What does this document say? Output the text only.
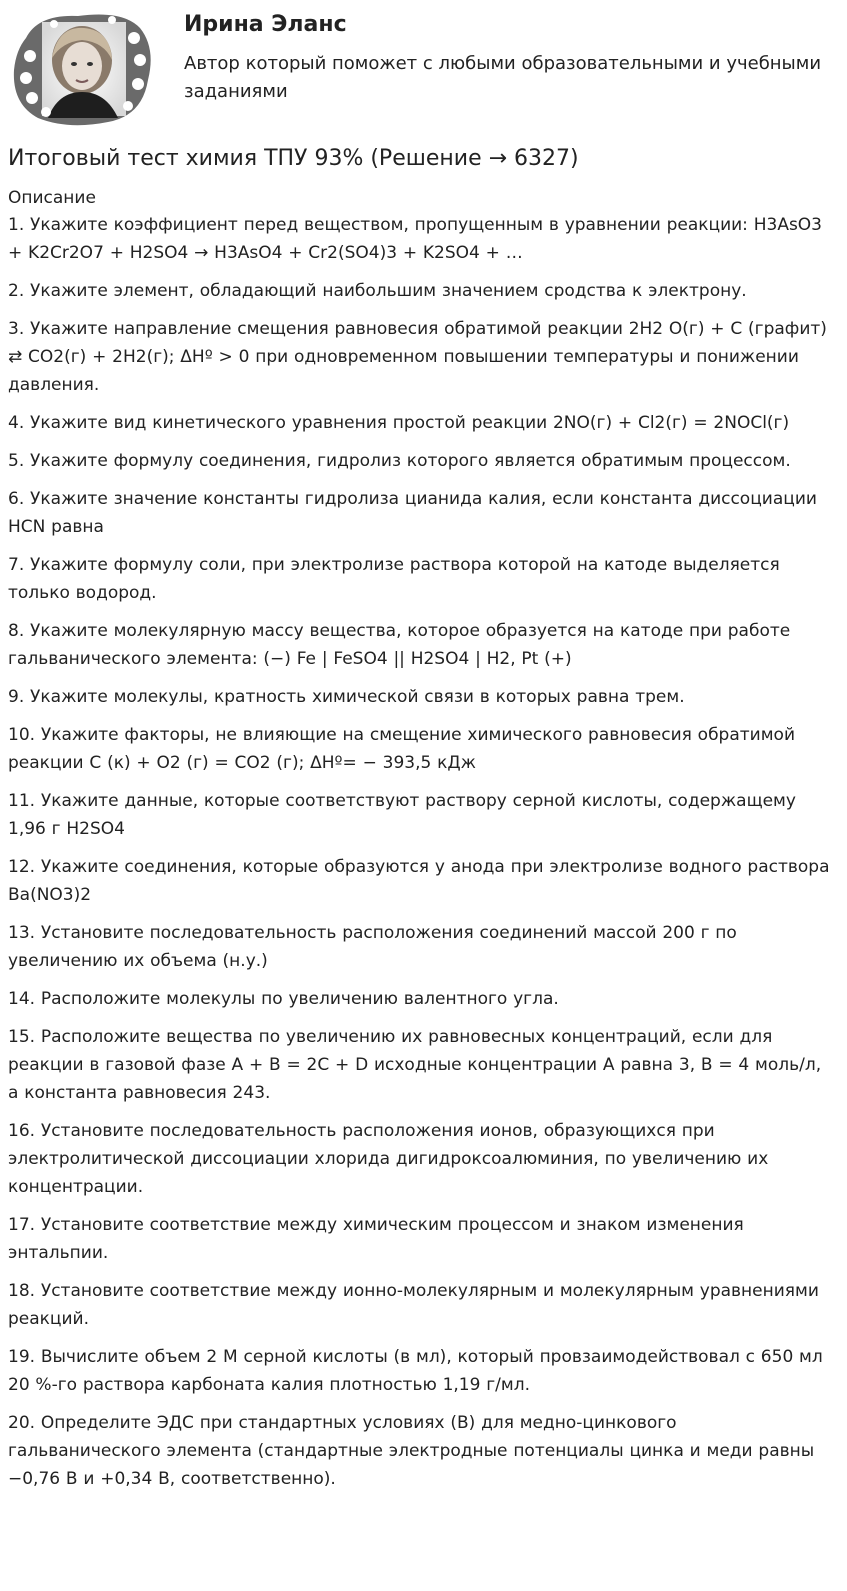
Ирина Эланс
Автор который поможет с любыми образовательными и учебными заданиями
Итоговый тест химия ТПУ 93% (Решение → 6327)
Описание
1. Укажите коэффициент перед веществом, пропущенным в уравнении реакции: H3AsO3 + K2Cr2O7 + H2SO4 → H3AsO4 + Cr2(SO4)3 + K2SO4 + …
2. Укажите элемент, обладающий наибольшим значением сродства к электрону.
3. Укажите направление смещения равновесия обратимой реакции 2H2 O(г) + C (графит) ⇄ CO2(г) + 2H2(г); ΔHº > 0 при одновременном повышении температуры и понижении давления.
4. Укажите вид кинетического уравнения простой реакции 2NO(г) + Cl2(г) = 2NOCl(г)
5. Укажите формулу соединения, гидролиз которого является обратимым процессом.
6. Укажите значение константы гидролиза цианида калия, если константа диссоциации HCN равна
7. Укажите формулу соли, при электролизе раствора которой на катоде выделяется только водород.
8. Укажите молекулярную массу вещества, которое образуется на катоде при работе гальванического элемента: (−) Fe | FeSO4 || H2SO4 | H2, Pt (+)
9. Укажите молекулы, кратность химической связи в которых равна трем.
10. Укажите факторы, не влияющие на смещение химического равновесия обратимой реакции C (к) + O2 (г) = CO2 (г); ΔHº= − 393,5 кДж
11. Укажите данные, которые соответствуют раствору серной кислоты, содержащему 1,96 г H2SO4
12. Укажите соединения, которые образуются у анода при электролизе водного раствора Ba(NO3)2
13. Установите последовательность расположения соединений массой 200 г по увеличению их объема (н.у.)
14. Расположите молекулы по увеличению валентного угла.
15. Расположите вещества по увеличению их равновесных концентраций, если для реакции в газовой фазе A + B = 2C + D исходные концентрации A равна 3, B = 4 моль/л, а константа равновесия 243.
16. Установите последовательность расположения ионов, образующихся при электролитической диссоциации хлорида дигидроксоалюминия, по увеличению их концентрации.
17. Установите соответствие между химическим процессом и знаком изменения энтальпии.
18. Установите соответствие между ионно-молекулярным и молекулярным уравнениями реакций.
19. Вычислите объем 2 М серной кислоты (в мл), который провзаимодействовал с 650 мл 20 %-го раствора карбоната калия плотностью 1,19 г/мл.
20. Определите ЭДС при стандартных условиях (В) для медно-цинкового гальванического элемента (стандартные электродные потенциалы цинка и меди равны −0,76 В и +0,34 В, соответственно).
